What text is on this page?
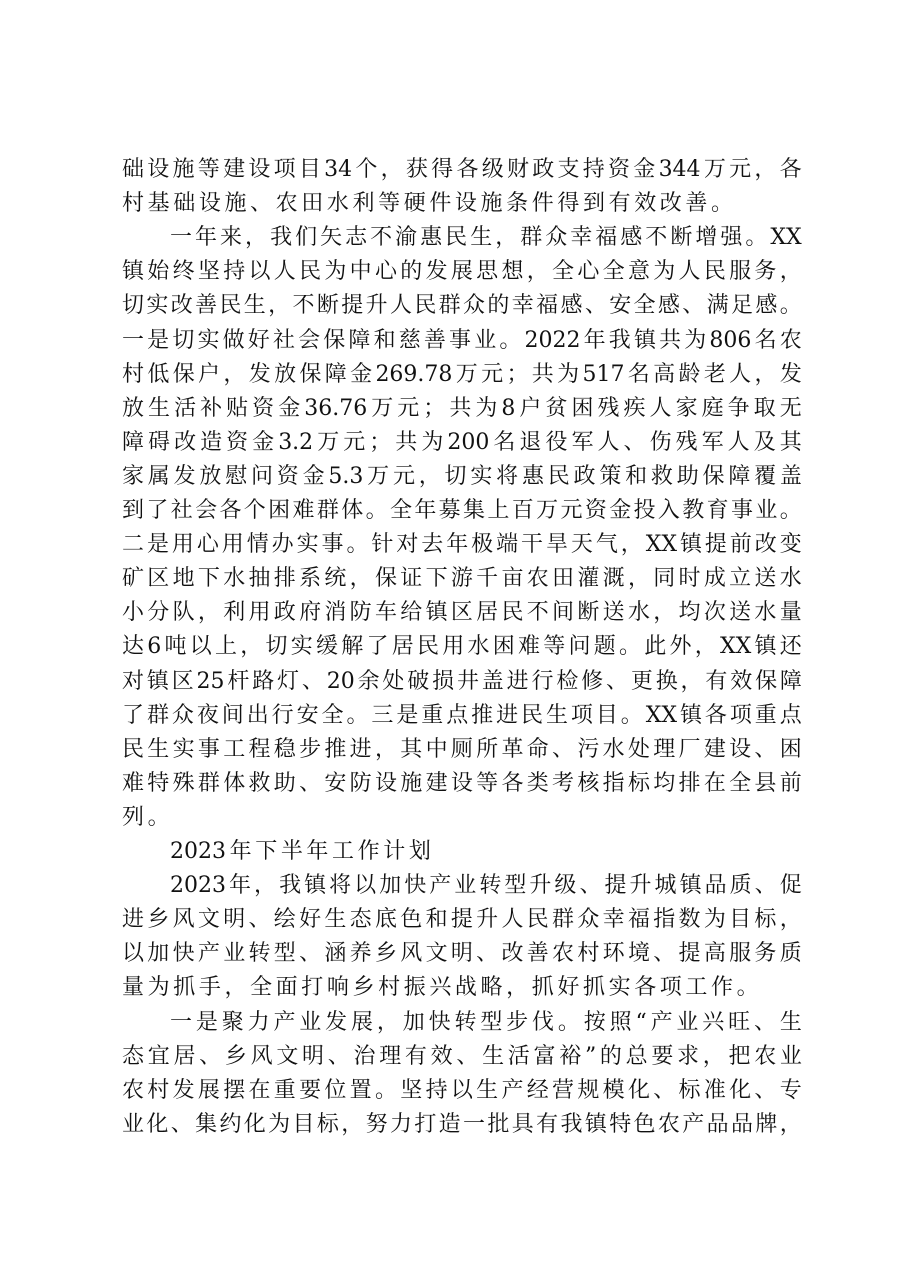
础 设 施 等 建 设 项 目 34 个 ， 获 得 各 级 财 政 支 持 资 金 344 万 元 ， 各
村 基 础 设 施 、 农 田 水 利 等 硬 件 设 施 条 件 得 到 有 效 改 善 。
一 年 来 ， 我 们 矢 志 不 渝 惠 民 生 ， 群 众 幸 福 感 不 断 增 强 。 XX
镇 始 终 坚 持 以 人 民 为 中 心 的 发 展 思 想 ， 全 心 全 意 为 人 民 服 务 ，
切 实 改 善 民 生 ， 不 断 提 升 人 民 群 众 的 幸 福 感 、 安 全 感 、 满 足 感 。
一 是 切 实 做 好 社 会 保 障 和 慈 善 事 业 。 2022 年 我 镇 共 为 806 名 农
村 低 保 户 ， 发 放 保 障 金 269.78 万 元 ； 共 为 517 名 高 龄 老 人 ， 发
放 生 活 补 贴 资 金 36.76 万 元 ； 共 为 8 户 贫 困 残 疾 人 家 庭 争 取 无
障 碍 改 造 资 金 3.2 万 元 ； 共 为 200 名 退 役 军 人 、 伤 残 军 人 及 其
家 属 发 放 慰 问 资 金 5.3 万 元 ， 切 实 将 惠 民 政 策 和 救 助 保 障 覆 盖
到 了 社 会 各 个 困 难 群 体 。 全 年 募 集 上 百 万 元 资 金 投 入 教 育 事 业 。
二 是 用 心 用 情 办 实 事 。 针 对 去 年 极 端 干 旱 天 气 ， XX 镇 提 前 改 变
矿 区 地 下 水 抽 排 系 统 ， 保 证 下 游 千 亩 农 田 灌 溉 ， 同 时 成 立 送 水
小 分 队 ， 利 用 政 府 消 防 车 给 镇 区 居 民 不 间 断 送 水 ， 均 次 送 水 量
达 6 吨 以 上 ， 切 实 缓 解 了 居 民 用 水 困 难 等 问 题 。 此 外 ， XX 镇 还
对 镇 区 25 杆 路 灯 、 20 余 处 破 损 井 盖 进 行 检 修 、 更 换 ， 有 效 保 障
了 群 众 夜 间 出 行 安 全 。 三 是 重 点 推 进 民 生 项 目 。 XX 镇 各 项 重 点
民 生 实 事 工 程 稳 步 推 进 ， 其 中 厕 所 革 命 、 污 水 处 理 厂 建 设 、 困
难 特 殊 群 体 救 助 、 安 防 设 施 建 设 等 各 类 考 核 指 标 均 排 在 全 县 前
列 。
2023 年 下 半 年 工 作 计 划
2023 年 ， 我 镇 将 以 加 快 产 业 转 型 升 级 、 提 升 城 镇 品 质 、 促
进 乡 风 文 明 、 绘 好 生 态 底 色 和 提 升 人 民 群 众 幸 福 指 数 为 目 标 ，
以 加 快 产 业 转 型 、 涵 养 乡 风 文 明 、 改 善 农 村 环 境 、 提 高 服 务 质
量 为 抓 手 ， 全 面 打 响 乡 村 振 兴 战 略 ， 抓 好 抓 实 各 项 工 作 。
一 是 聚 力 产 业 发 展 ， 加 快 转 型 步 伐 。 按 照 “ 产 业 兴 旺 、 生
态 宜 居 、 乡 风 文 明 、 治 理 有 效 、 生 活 富 裕 ” 的 总 要 求 ， 把 农 业
农 村 发 展 摆 在 重 要 位 置 。 坚 持 以 生 产 经 营 规 模 化 、 标 准 化 、 专
业 化 、 集 约 化 为 目 标 ， 努 力 打 造 一 批 具 有 我 镇 特 色 农 产 品 品 牌 ，
